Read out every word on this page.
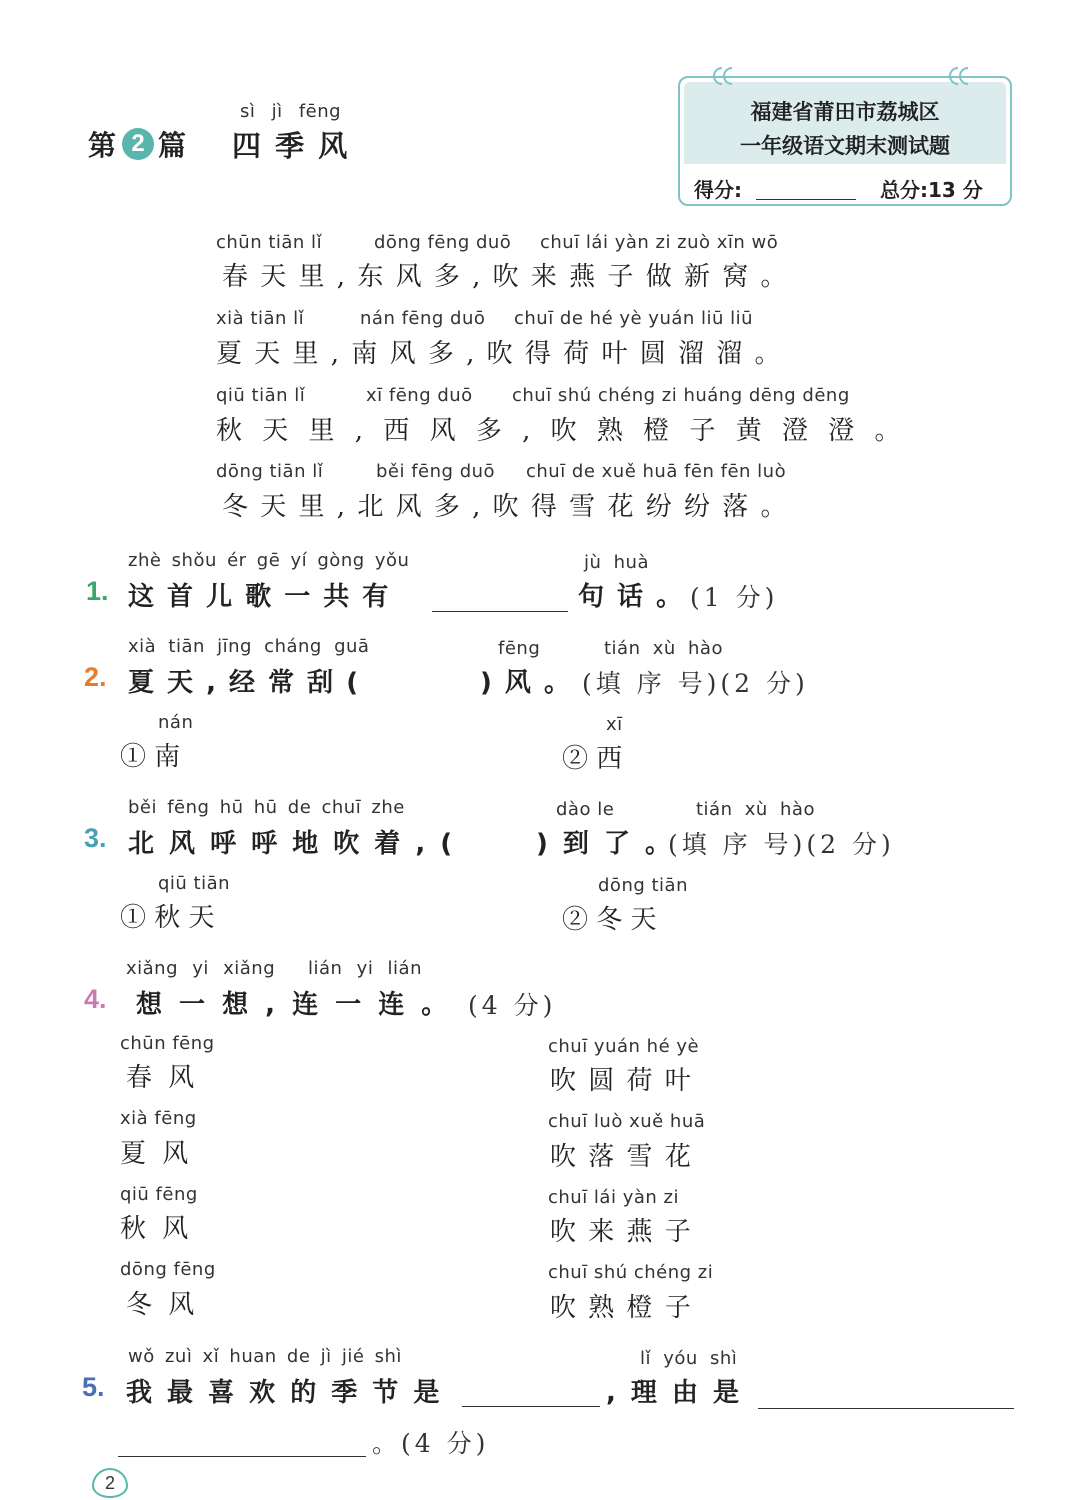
第 2 篇
sì jì fēng
四 季 风
福建省莆田市荔城区
一年级语文期末测试题
得分:	总分:13 分
chūn tiān lǐ	dōng fēng duō chuī lái yàn zi zuò xīn wō
春 天 里 , 东 风 多 , 吹 来 燕 子 做 新 窝 。
xià tiān lǐ	nán fēng duō chuī de hé yè yuán liū liū
夏 天 里 , 南 风 多 , 吹 得 荷 叶 圆 溜 溜 。
qiū tiān lǐ	xī fēng duō chuī shú chéng zi huáng dēng dēng
秋 天 里 , 西 风 多 , 吹 熟 橙 子 黄 澄 澄 。
dōng tiān lǐ	běi fēng duō chuī de xuě huā fēn fēn luò
冬 天 里 , 北 风 多 , 吹 得 雪 花 纷 纷 落 。
zhè shǒu ér gē yí gòng yǒu	jù huà
1. 这 首 儿 歌 一 共 有	句 话 。 (1 分)
xià tiān jīng cháng guā	fēng	tián xù hào
2. 夏 天 , 经 常 刮 (	) 风 。 (填 序 号)(2 分)
nán
① 南
xī
② 西
běi fēng hū hū de chuī zhe	dào le	tián xù hào
3. 北 风 呼 呼 地 吹 着 , (	) 到 了 。
(填 序 号)(2 分)
qiū tiān
① 秋 天
dōng tiān
② 冬 天
xiǎng yi xiǎng lián yi lián
4. 想 一 想 , 连 一 连 。 (4 分)
chūn fēng
春 风
xià fēng
夏 风
qiū fēng
秋 风
dōng fēng
冬 风
chuī yuán hé yè
吹 圆 荷 叶
chuī luò xuě huā
吹 落 雪 花
chuī lái yàn zi
吹 来 燕 子
chuī shú chéng zi
吹 熟 橙 子
wǒ zuì xǐ huan de jì jié shì	lǐ yóu shì
5. 我 最 喜 欢 的 季 节 是	, 理 由 是
。(4 分)
2
